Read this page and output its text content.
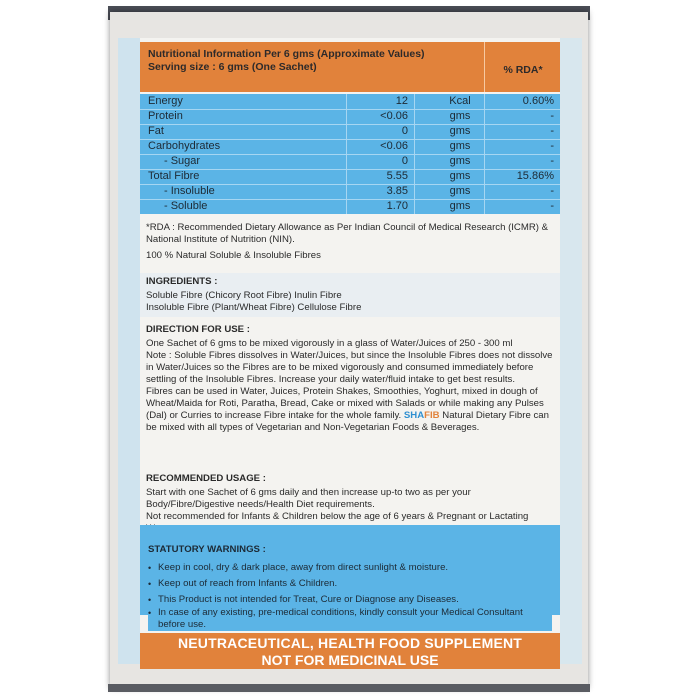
Nutritional Information Per 6 gms (Approximate Values)
Serving size : 6 gms (One Sachet)	% RDA*
Energy	12	Kcal	0.60%
Protein	<0.06	gms	-
Fat	0	gms	-
Carbohydrates	<0.06	gms	-
- Sugar	0	gms	-
Total Fibre	5.55	gms	15.86%
- Insoluble	3.85	gms	-
- Soluble	1.70	gms	-
*RDA : Recommended Dietary Allowance as Per Indian Council of Medical Research (ICMR) & National Institute of Nutrition (NIN).
100 % Natural Soluble & Insoluble Fibres
INGREDIENTS :
Soluble Fibre (Chicory Root Fibre) Inulin Fibre
Insoluble Fibre (Plant/Wheat Fibre) Cellulose Fibre
DIRECTION FOR USE :
One Sachet of 6 gms to be mixed vigorously in a glass of Water/Juices of 250 - 300 ml
Note : Soluble Fibres dissolves in Water/Juices, but since the Insoluble Fibres does not dissolve in Water/Juices so the Fibres are to be mixed vigorously and consumed immediately before settling of the Insoluble Fibres. Increase your daily water/fluid intake to get best results.
Fibres can be used in Water, Juices, Protein Shakes, Smoothies, Yoghurt, mixed in dough of Wheat/Maida for Roti, Paratha, Bread, Cake or mixed with Salads or while making any Pulses (Dal) or Curries to increase Fibre intake for the whole family. SHAFIB Natural Dietary Fibre can be mixed with all types of Vegetarian and Non-Vegetarian Foods & Beverages.
RECOMMENDED USAGE :
Start with one Sachet of 6 gms daily and then increase up-to two as per your Body/Fibre/Digestive needs/Health Diet requirements.
Not recommended for Infants & Children below the age of 6 years & Pregnant or Lactating
STATUTORY WARNINGS :
• Keep in cool, dry & dark place, away from direct sunlight & moisture.
• Keep out of reach from Infants & Children.
• This Product is not intended for Treat, Cure or Diagnose any Diseases.
• In case of any existing, pre-medical conditions, kindly consult your Medical Consultant before use.
NEUTRACEUTICAL, HEALTH FOOD SUPPLEMENT
NOT FOR MEDICINAL USE
